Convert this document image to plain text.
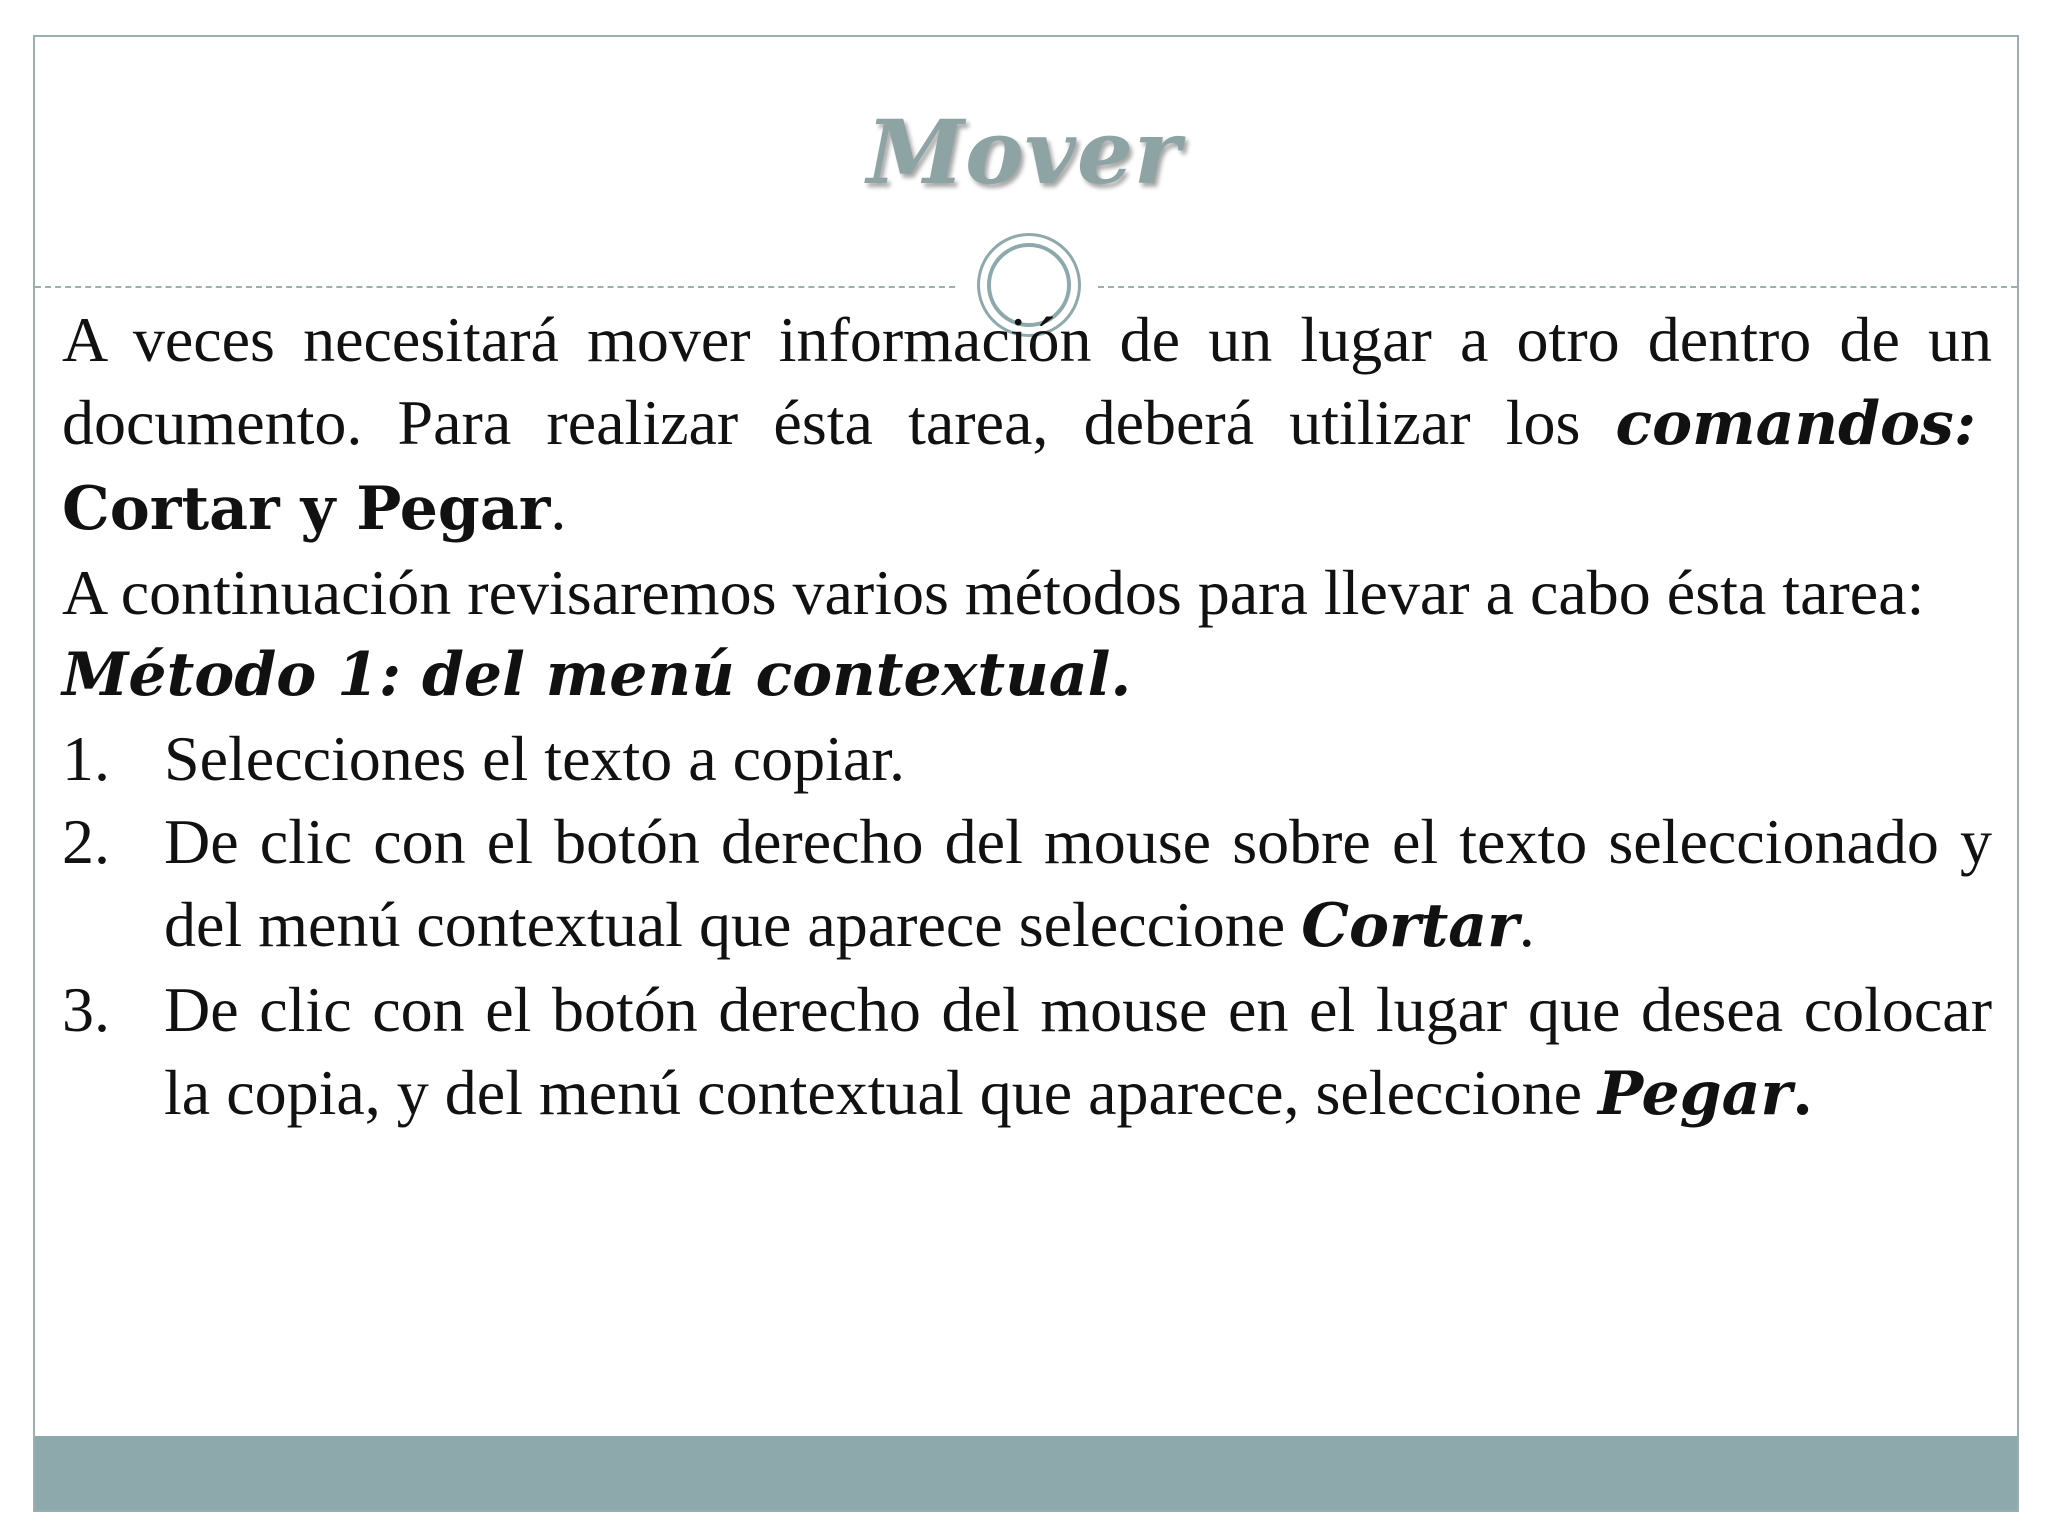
Mover

A veces necesitará mover información de un lugar a otro dentro de un documento. Para realizar ésta tarea, deberá utilizar los comandos:  Cortar y Pegar.

A continuación revisaremos varios métodos para llevar a cabo ésta tarea:

Método 1: del menú contextual.

1. Selecciones el texto a copiar.
2. De clic con el botón derecho del mouse sobre el texto seleccionado y del menú contextual que aparece seleccione Cortar.
3. De clic con el botón derecho del mouse en el lugar que desea colocar la copia, y del menú contextual que aparece, seleccione Pegar.
